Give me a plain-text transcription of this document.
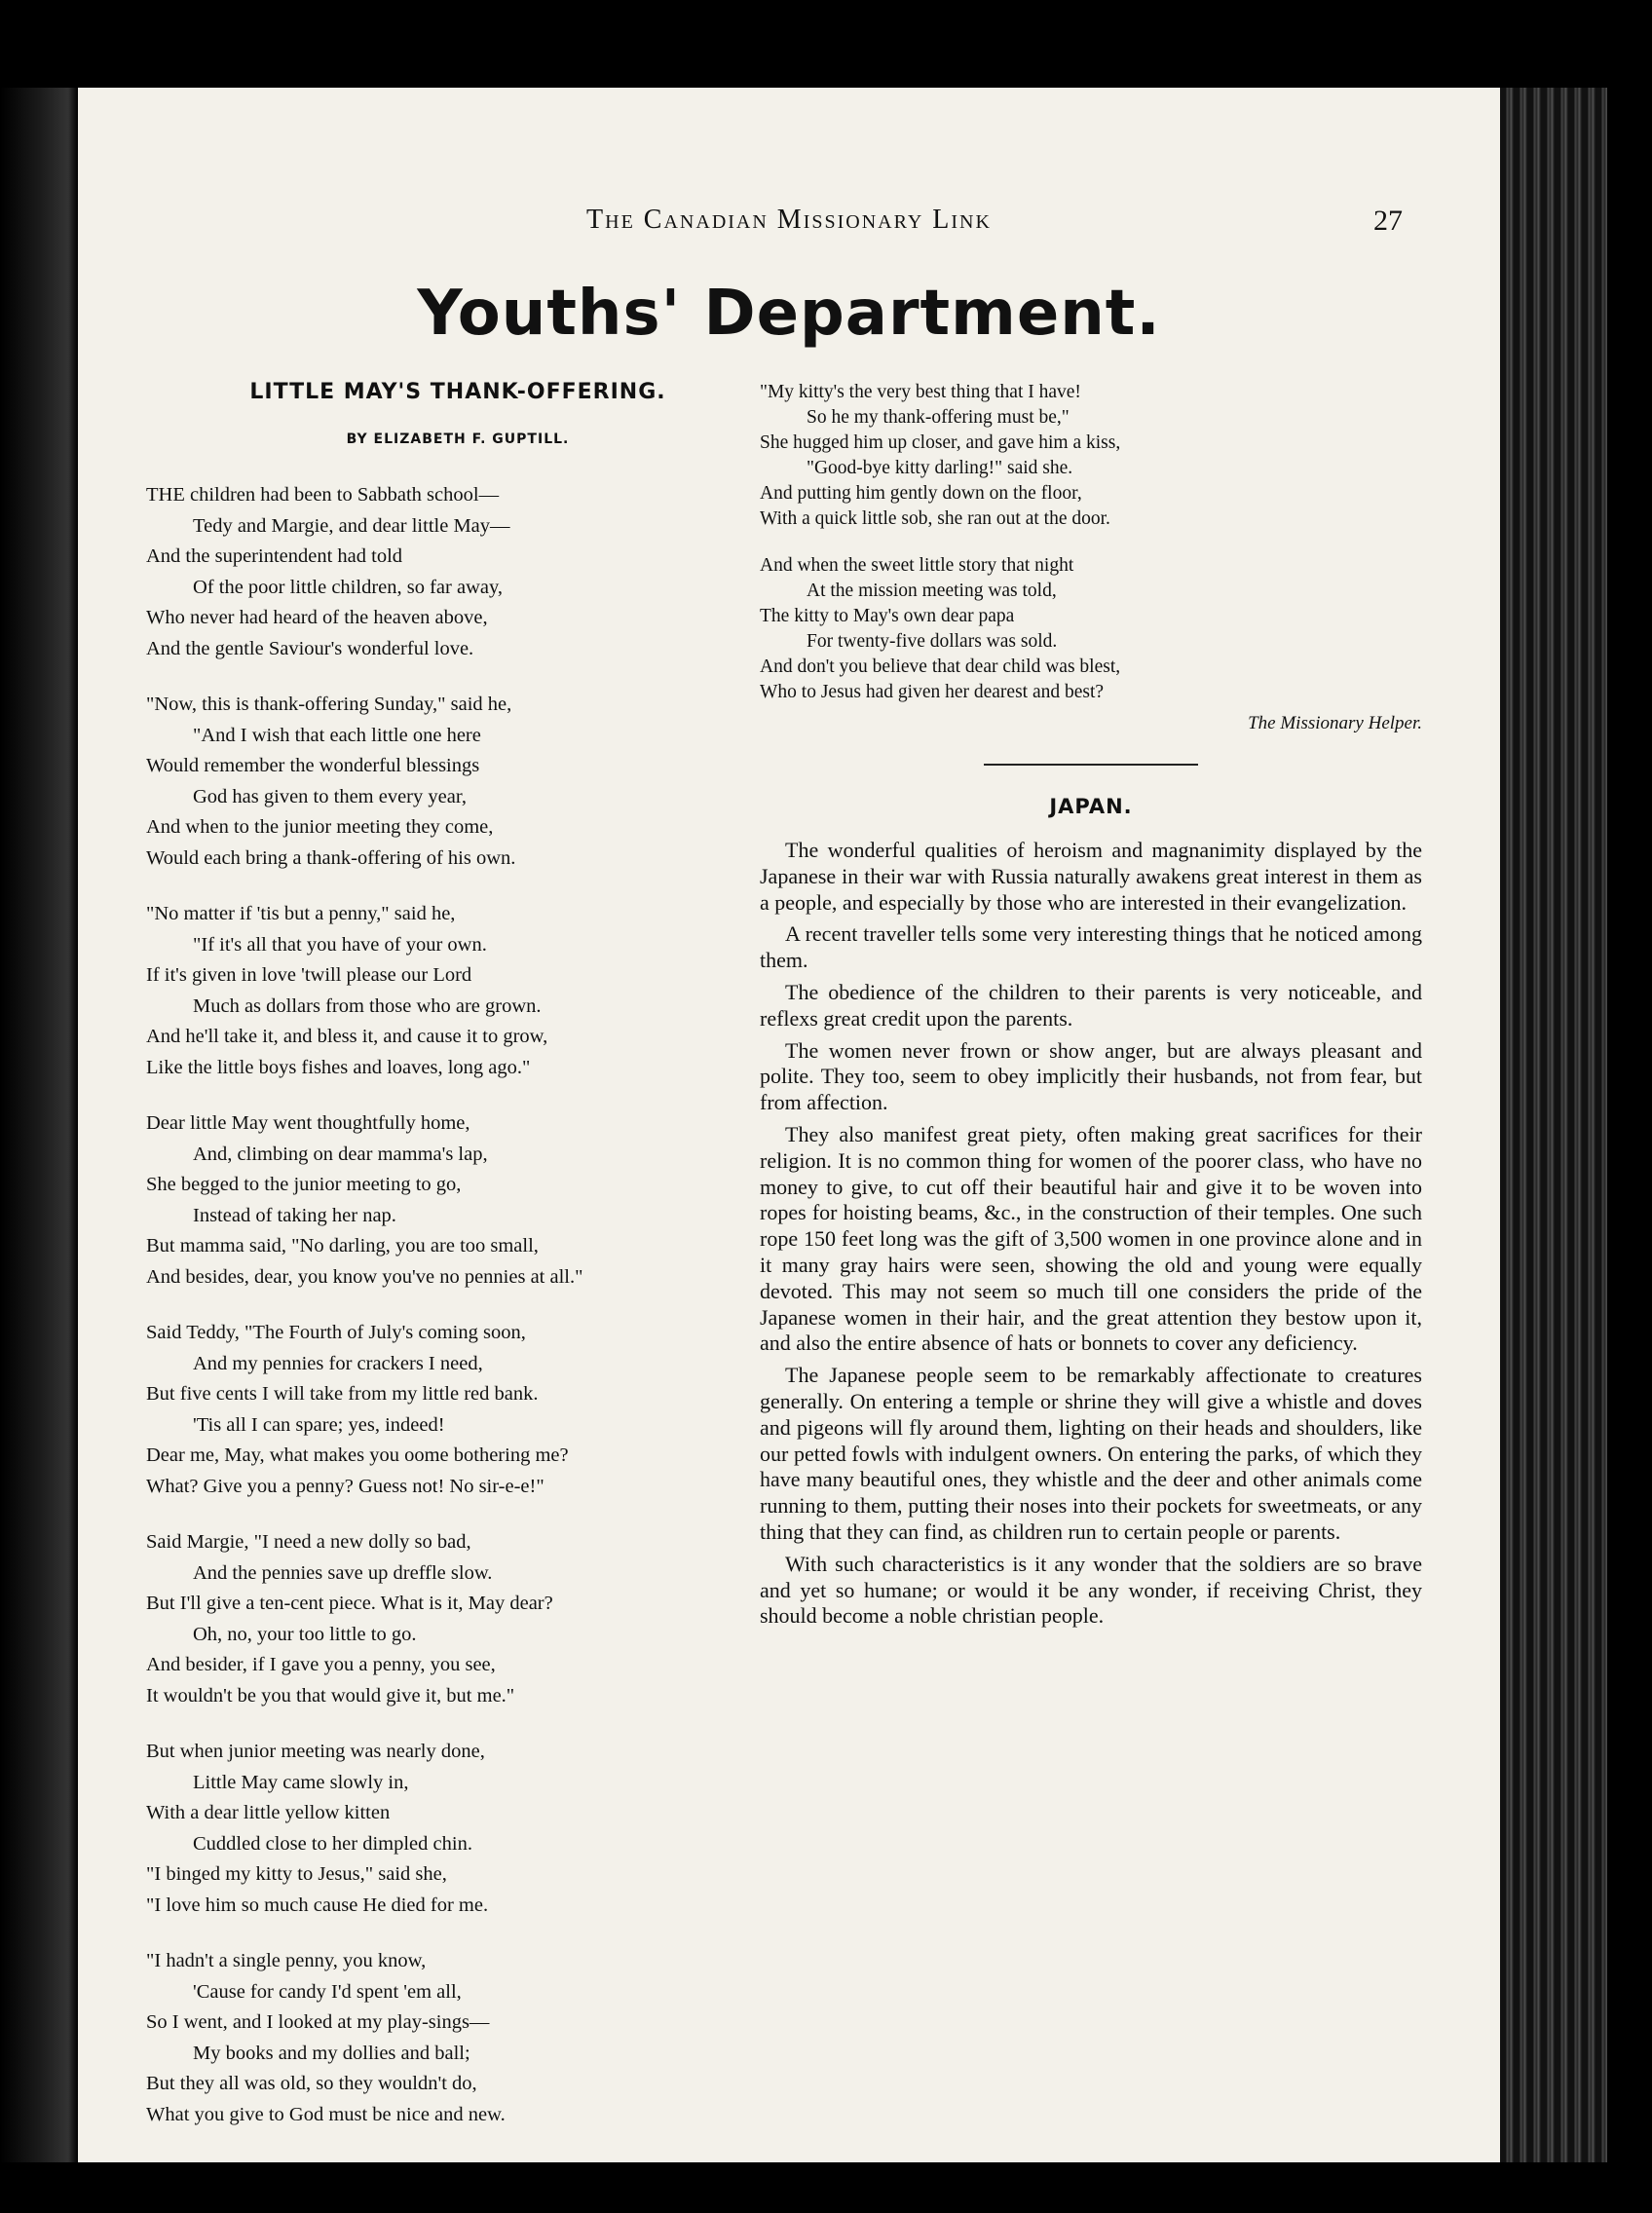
The Canadian Missionary Link	27
Youths' Department.
LITTLE MAY'S THANK-OFFERING.
BY ELIZABETH F. GUPTILL.
THE children had been to Sabbath school—
Tedy and Margie, and dear little May—
And the superintendent had told
Of the poor little children, so far away,
Who never had heard of the heaven above,
And the gentle Saviour's wonderful love.
"Now, this is thank-offering Sunday," said he,
"And I wish that each little one here
Would remember the wonderful blessings
God has given to them every year,
And when to the junior meeting they come,
Would each bring a thank-offering of his own.
"No matter if 'tis but a penny," said he,
"If it's all that you have of your own.
If it's given in love 'twill please our Lord
Much as dollars from those who are grown.
And he'll take it, and bless it, and cause it to grow,
Like the little boys fishes and loaves, long ago."
Dear little May went thoughtfully home,
And, climbing on dear mamma's lap,
She begged to the junior meeting to go,
Instead of taking her nap.
But mamma said, "No darling, you are too small,
And besides, dear, you know you've no pennies at all."
Said Teddy, "The Fourth of July's coming soon,
And my pennies for crackers I need,
But five cents I will take from my little red bank.
'Tis all I can spare; yes, indeed!
Dear me, May, what makes you oome bothering me?
What? Give you a penny? Guess not! No sir-e-e!"
Said Margie, "I need a new dolly so bad,
And the pennies save up dreffle slow.
But I'll give a ten-cent piece. What is it, May dear?
Oh, no, your too little to go.
And besider, if I gave you a penny, you see,
It wouldn't be you that would give it, but me."
But when junior meeting was nearly done,
Little May came slowly in,
With a dear little yellow kitten
Cuddled close to her dimpled chin.
"I binged my kitty to Jesus," said she,
"I love him so much cause He died for me.
"I hadn't a single penny, you know,
'Cause for candy I'd spent 'em all,
So I went, and I looked at my play-sings—
My books and my dollies and ball;
But they all was old, so they wouldn't do,
What you give to God must be nice and new.
"My kitty's the very best thing that I have!
So he my thank-offering must be,"
She hugged him up closer, and gave him a kiss,
"Good-bye kitty darling!" said she.
And putting him gently down on the floor,
With a quick little sob, she ran out at the door.
And when the sweet little story that night
At the mission meeting was told,
The kitty to May's own dear papa
For twenty-five dollars was sold.
And don't you believe that dear child was blest,
Who to Jesus had given her dearest and best?
The Missionary Helper.
JAPAN.

The wonderful qualities of heroism and magnanimity displayed by the Japanese in their war with Russia naturally awakens great interest in them as a people, and especially by those who are interested in their evangelization.

A recent traveller tells some very interesting things that he noticed among them.

The obedience of the children to their parents is very noticeable, and reflexs great credit upon the parents.

The women never frown or show anger, but are always pleasant and polite. They too, seem to obey implicitly their husbands, not from fear, but from affection.

They also manifest great piety, often making great sacrifices for their religion. It is no common thing for women of the poorer class, who have no money to give, to cut off their beautiful hair and give it to be woven into ropes for hoisting beams, &c., in the construction of their temples. One such rope 150 feet long was the gift of 3,500 women in one province alone and in it many gray hairs were seen, showing the old and young were equally devoted. This may not seem so much till one considers the pride of the Japanese women in their hair, and the great attention they bestow upon it, and also the entire absence of hats or bonnets to cover any deficiency.

The Japanese people seem to be remarkably affectionate to creatures generally. On entering a temple or shrine they will give a whistle and doves and pigeons will fly around them, lighting on their heads and shoulders, like our petted fowls with indulgent owners. On entering the parks, of which they have many beautiful ones, they whistle and the deer and other animals come running to them, putting their noses into their pockets for sweetmeats, or any thing that they can find, as children run to certain people or parents.

With such characteristics is it any wonder that the soldiers are so brave and yet so humane; or would it be any wonder, if receiving Christ, they should become a noble christian people.
